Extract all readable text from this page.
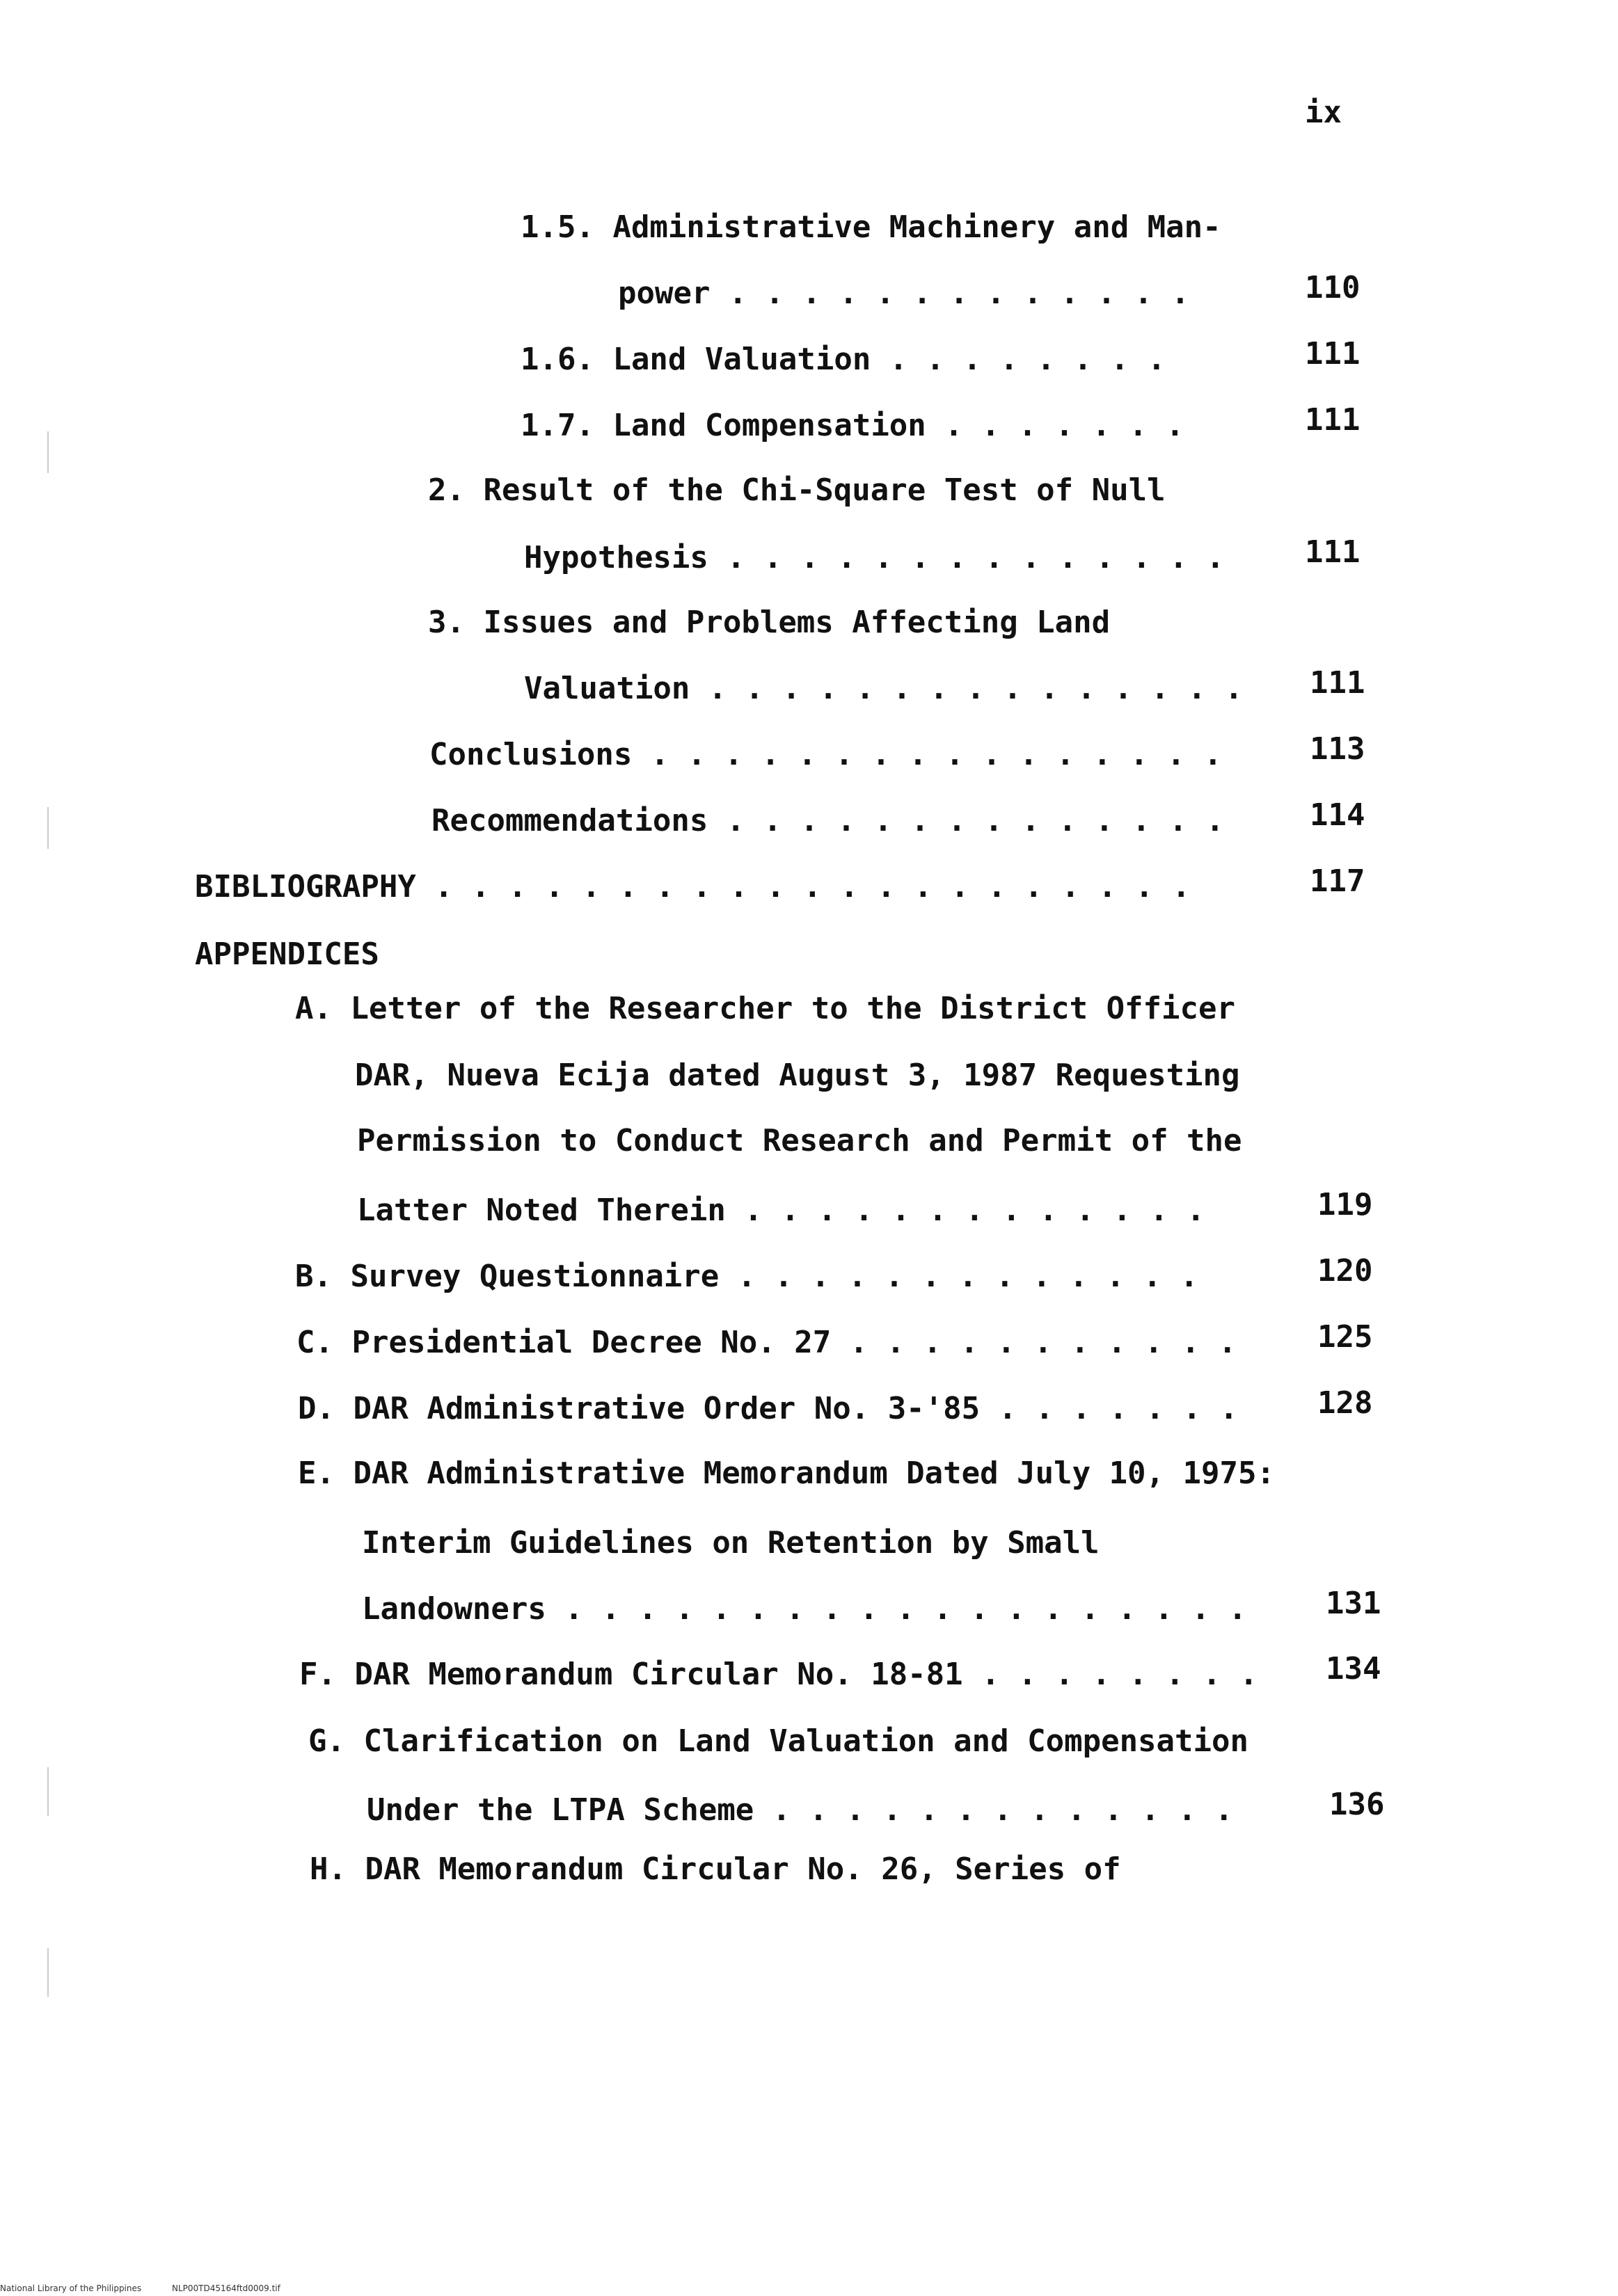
ix
1.5. Administrative Machinery and Man-
power . . . . . . . . . . . . .	110
1.6. Land Valuation . . . . . . . .	111
1.7. Land Compensation . . . . . . .	111
2. Result of the Chi-Square Test of Null
Hypothesis . . . . . . . . . . . . . .	111
3. Issues and Problems Affecting Land
Valuation . . . . . . . . . . . . . . . 111
Conclusions . . . . . . . . . . . . . . . .	113
Recommendations . . . . . . . . . . . . . .	114
BIBLIOGRAPHY . . . . . . . . . . . . . . . . . . . . .	117
APPENDICES
A. Letter of the Researcher to the District Officer
DAR, Nueva Ecija dated August 3, 1987 Requesting
Permission to Conduct Research and Permit of the
Latter Noted Therein . . . . . . . . . . . . .	119
B. Survey Questionnaire . . . . . . . . . . . . .	120
C. Presidential Decree No. 27 . . . . . . . . . . .	125
D. DAR Administrative Order No. 3-'85 . . . . . . .	128
E. DAR Administrative Memorandum Dated July 10, 1975:
Interim Guidelines on Retention by Small
Landowners . . . . . . . . . . . . . . . . . . .	131
F. DAR Memorandum Circular No. 18-81 . . . . . . . . 134
G. Clarification on Land Valuation and Compensation
Under the LTPA Scheme . . . . . . . . . . . . .	136
H. DAR Memorandum Circular No. 26, Series of
National Library of the Philippines	NLP00TD45164ftd0009.tif
